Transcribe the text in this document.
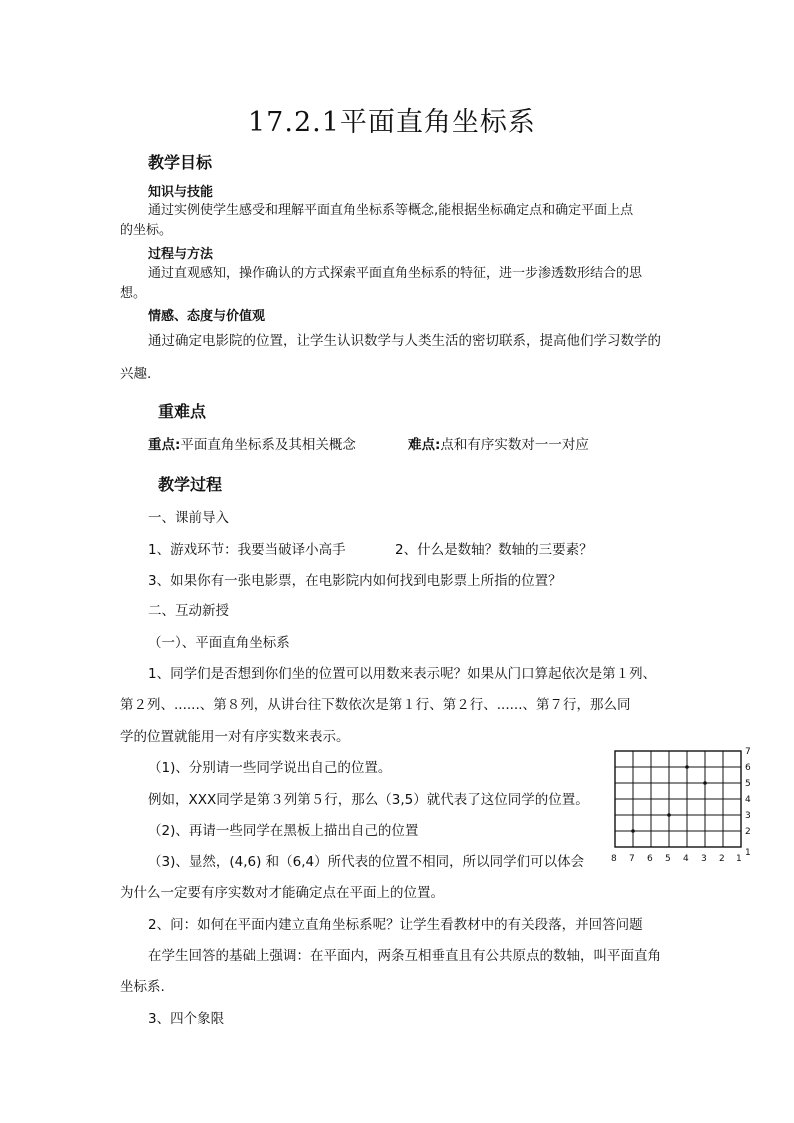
17.2.1平面直角坐标系
教学目标
知识与技能
通过实例使学生感受和理解平面直角坐标系等概念,能根据坐标确定点和确定平面上点
的坐标。
过程与方法
通过直观感知，操作确认的方式探索平面直角坐标系的特征，进一步渗透数形结合的思
想。
情感、态度与价值观
通过确定电影院的位置，让学生认识数学与人类生活的密切联系，提高他们学习数学的
兴趣.
重难点
重点:平面直角坐标系及其相关概念	难点:点和有序实数对一一对应
教学过程
一、课前导入
1、游戏环节：我要当破译小高手	2、什么是数轴？数轴的三要素？
3、如果你有一张电影票，在电影院内如何找到电影票上所指的位置？
二、互动新授
（一）、平面直角坐标系
1、同学们是否想到你们坐的位置可以用数来表示呢？如果从门口算起依次是第１列、
第２列、......、第８列，从讲台往下数依次是第１行、第２行、......、第７行，那么同
学的位置就能用一对有序实数来表示。
（1)、分别请一些同学说出自己的位置。
例如，XXX同学是第３列第５行，那么（3,5）就代表了这位同学的位置。
（2)、再请一些同学在黑板上描出自己的位置
（3)、显然，(4,6) 和（6,4）所代表的位置不相同，所以同学们可以体会
为什么一定要有序实数对才能确定点在平面上的位置。
2、问：如何在平面内建立直角坐标系呢？让学生看教材中的有关段落，并回答问题
在学生回答的基础上强调：在平面内，两条互相垂直且有公共原点的数轴，叫平面直角
坐标系.
3、四个象限
8 7 6 5 4 3 2 1
7
6
5
4
3
2
1
